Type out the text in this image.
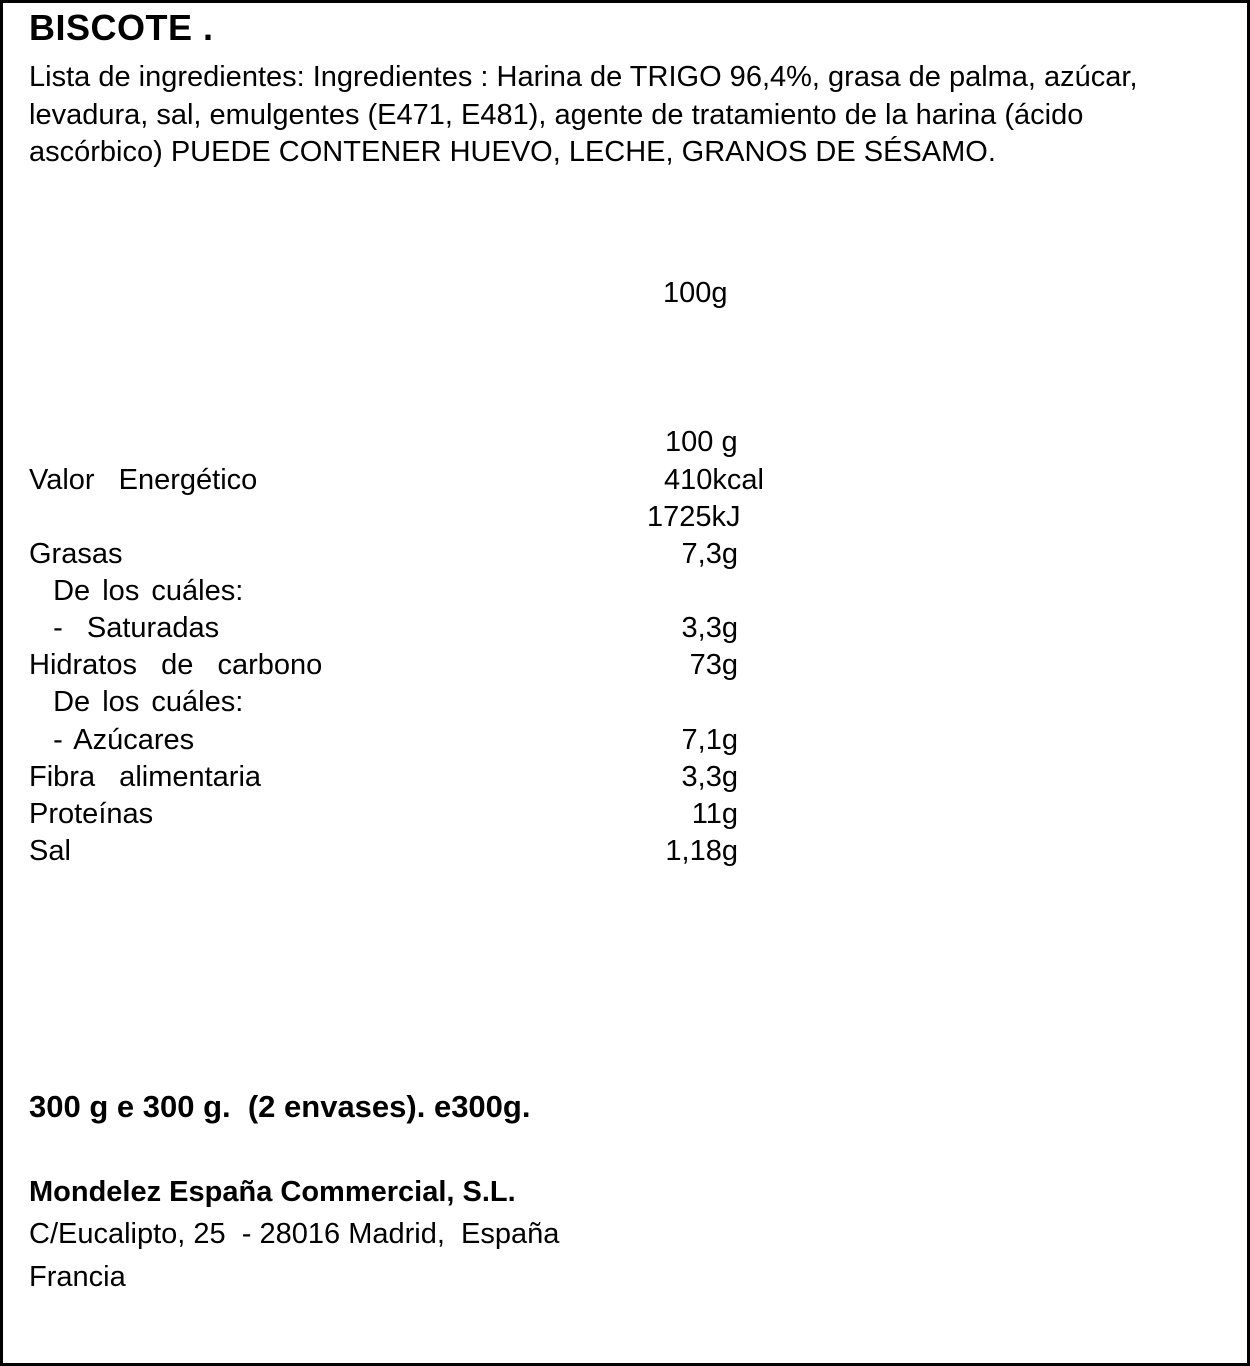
BISCOTE .
Lista de ingredientes: Ingredientes : Harina de TRIGO 96,4%, grasa de palma, azúcar, levadura, sal, emulgentes (E471, E481), agente de tratamiento de la harina (ácido ascórbico) PUEDE CONTENER HUEVO, LECHE, GRANOS DE SÉSAMO.
100g
100 g
Valor  Energético	410kcal
1725kJ
Grasas	7,3g
De los cuáles:
-  Saturadas	3,3g
Hidratos  de  carbono	73g
De los cuáles:
- Azúcares	7,1g
Fibra  alimentaria	3,3g
Proteínas	11g
Sal	1,18g
300 g e 300 g.  (2 envases). e300g.
Mondelez España Commercial, S.L.
C/Eucalipto, 25  - 28016 Madrid,  España
Francia
